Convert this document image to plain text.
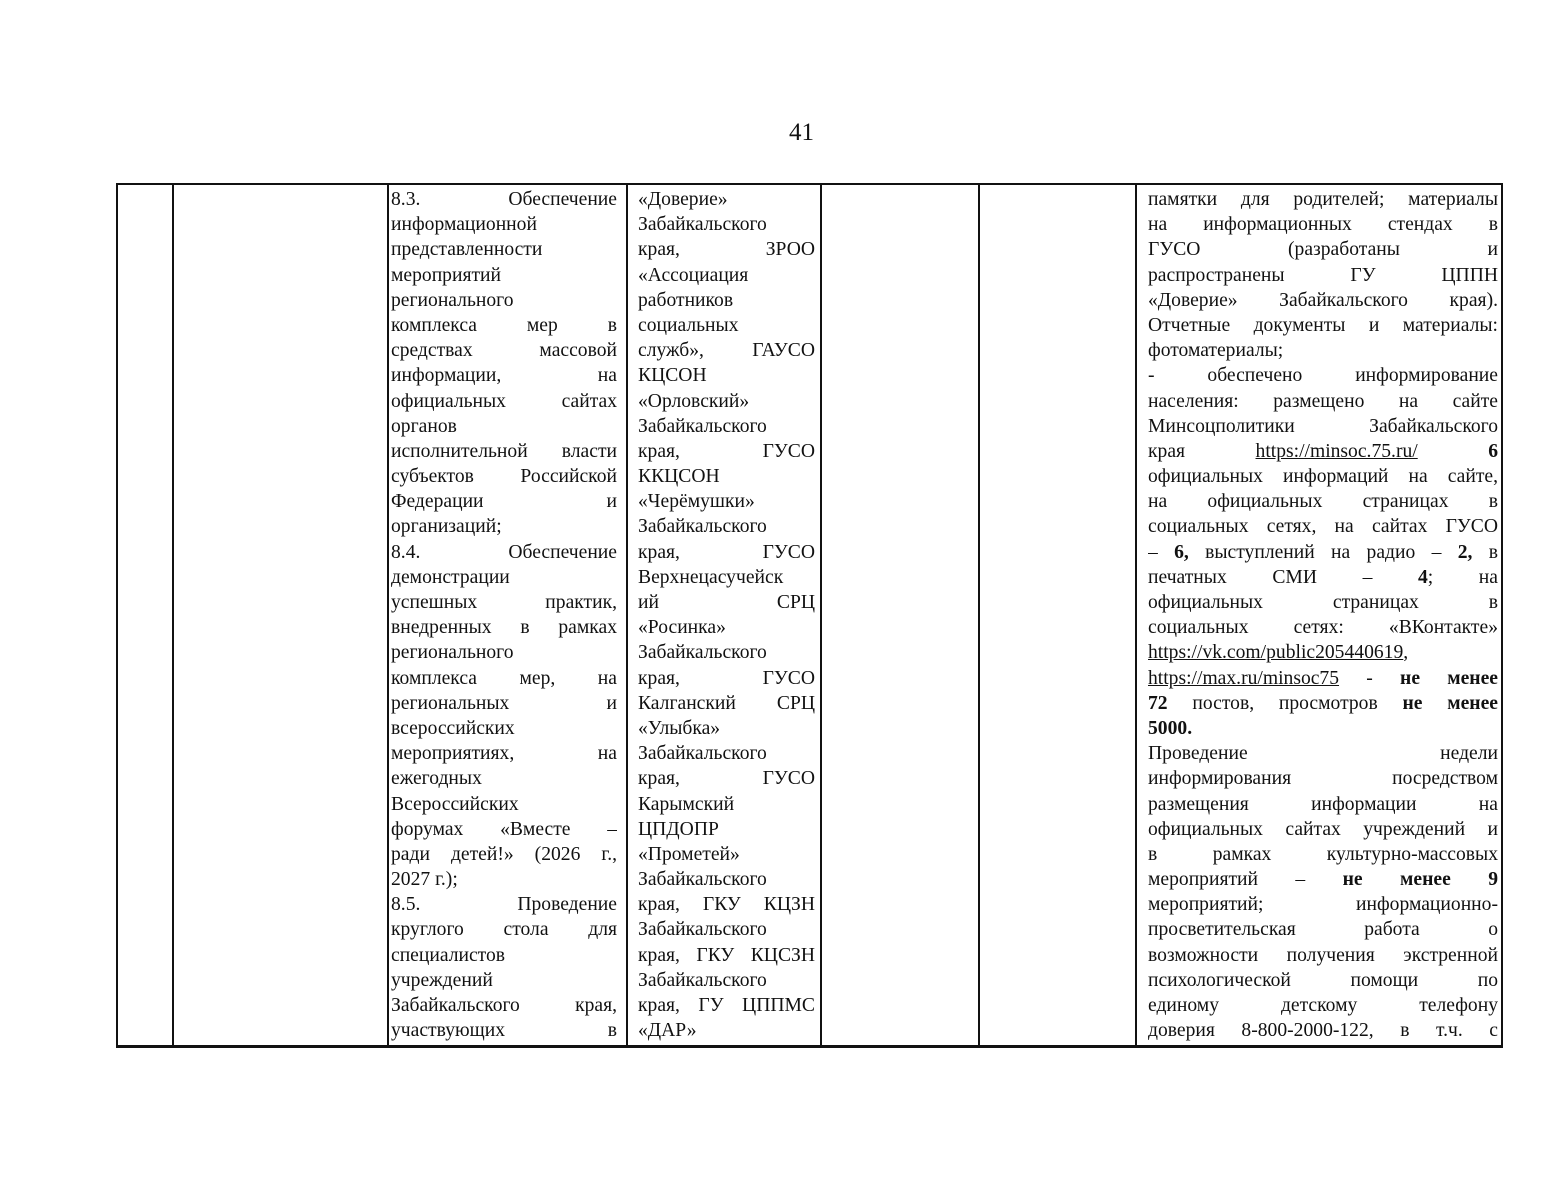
41
8.3. Обеспечение
информационной
представленности
мероприятий
регионального
комплекса мер в
средствах массовой
информации, на
официальных сайтах
органов
исполнительной власти
субъектов Российской
Федерации и
организаций;
8.4. Обеспечение
демонстрации
успешных практик,
внедренных в рамках
регионального
комплекса мер, на
региональных и
всероссийских
мероприятиях, на
ежегодных
Всероссийских
форумах «Вместе –
ради детей!» (2026 г.,
2027 г.);
8.5. Проведение
круглого стола для
специалистов
учреждений
Забайкальского края,
участвующих в
«Доверие»
Забайкальского
края, ЗРОО
«Ассоциация
работников
социальных
служб», ГАУСО
КЦСОН
«Орловский»
Забайкальского
края, ГУСО
ККЦСОН
«Черёмушки»
Забайкальского
края, ГУСО
Верхнецасучейск
ий СРЦ
«Росинка»
Забайкальского
края, ГУСО
Калганский СРЦ
«Улыбка»
Забайкальского
края, ГУСО
Карымский
ЦПДОПР
«Прометей»
Забайкальского
края, ГКУ КЦЗН
Забайкальского
края, ГКУ КЦСЗН
Забайкальского
края, ГУ ЦППМС
«ДАР»
памятки для родителей; материалы
на информационных стендах в
ГУСО (разработаны и
распространены ГУ ЦППН
«Доверие» Забайкальского края).
Отчетные документы и материалы:
фотоматериалы;
- обеспечено информирование
населения: размещено на сайте
Минсоцполитики Забайкальского
края https://minsoc.75.ru/	6
официальных информаций на сайте,
на официальных страницах в
социальных сетях, на сайтах ГУСО
– 6, выступлений на радио – 2, в
печатных СМИ – 4; на
официальных страницах в
социальных сетях: «ВКонтакте»
https://vk.com/public205440619,
https://max.ru/minsoc75 - не менее
72 постов, просмотров не менее
5000.
Проведение недели
информирования посредством
размещения информации на
официальных сайтах учреждений и
в рамках культурно-массовых
мероприятий – не менее 9
мероприятий; информационно-
просветительская работа о
возможности получения экстренной
психологической помощи по
единому детскому телефону
доверия 8-800-2000-122, в т.ч. с
